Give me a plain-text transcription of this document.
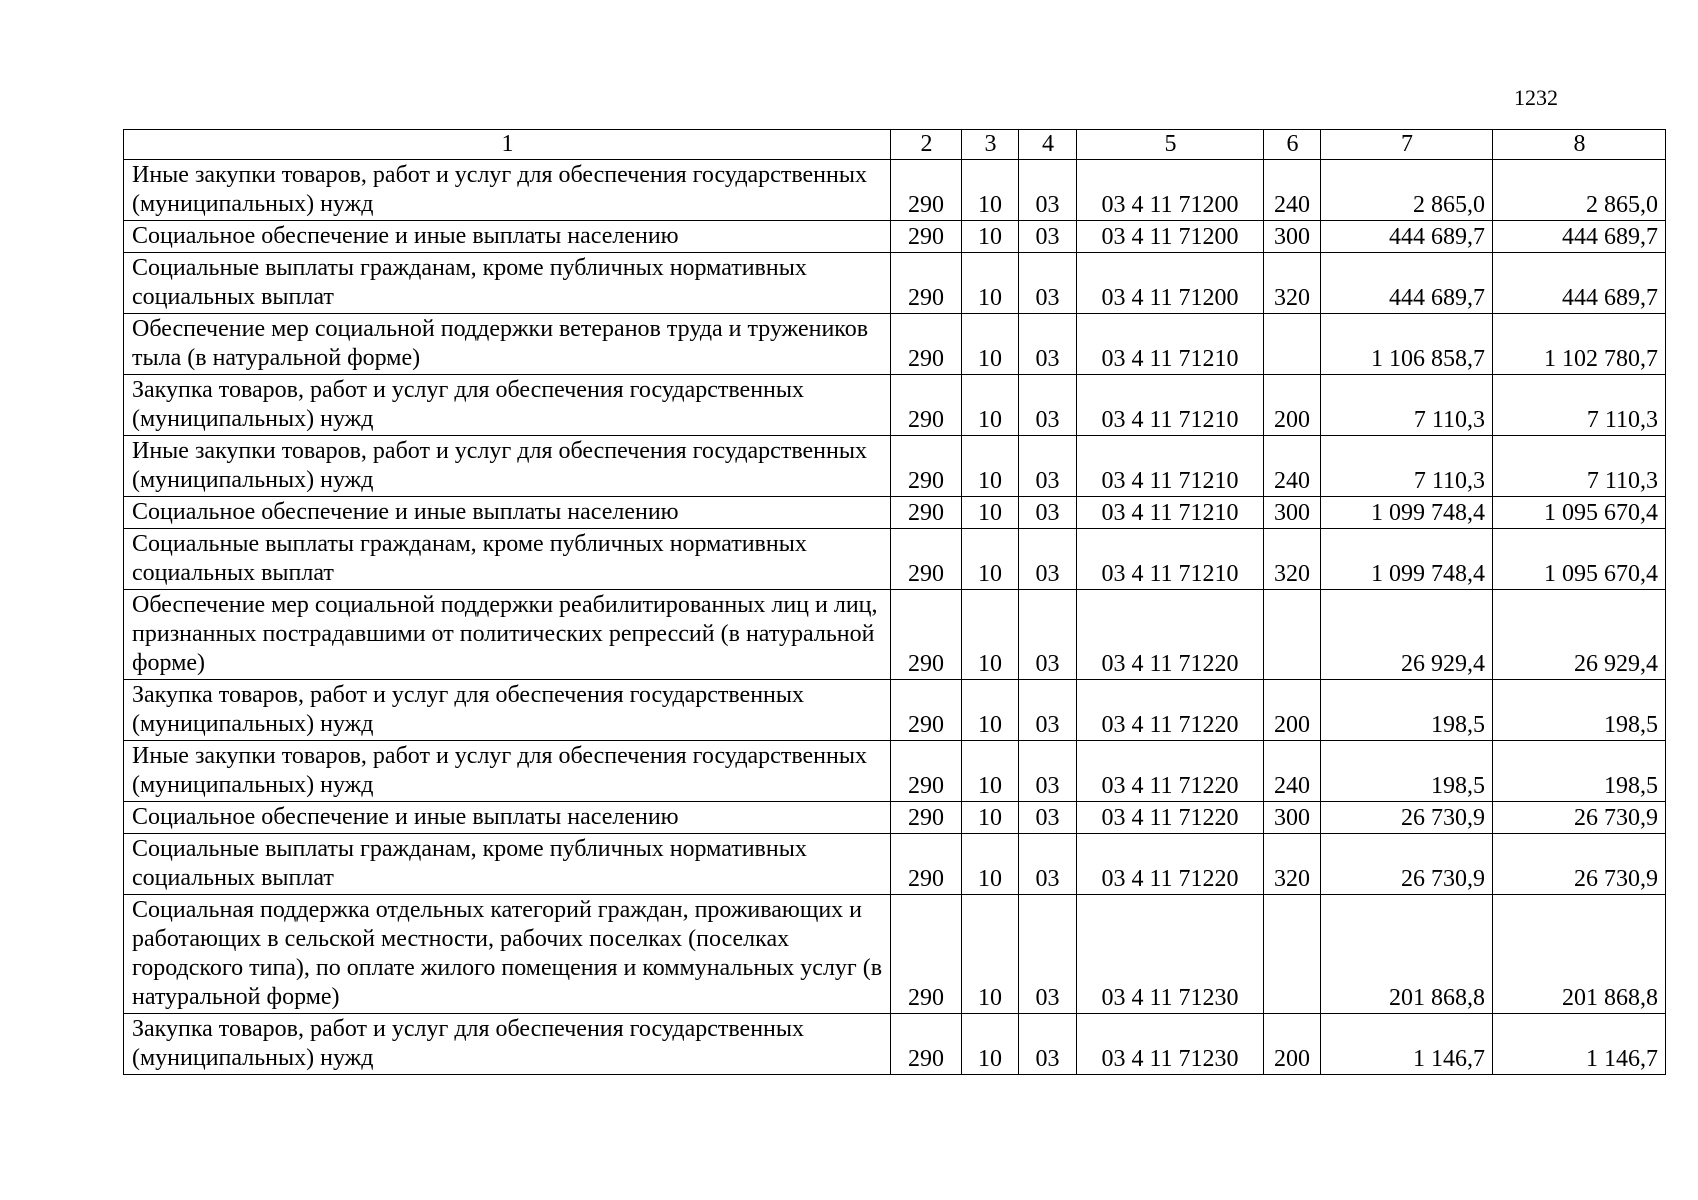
1232
1	2	3	4	5	6	7	8
Иные закупки товаров, работ и услуг для обеспечения государственных (муниципальных) нужд	290	10	03	03 4 11 71200	240	2 865,0	2 865,0
Социальное обеспечение и иные выплаты населению	290	10	03	03 4 11 71200	300	444 689,7	444 689,7
Социальные выплаты гражданам, кроме публичных нормативных социальных выплат	290	10	03	03 4 11 71200	320	444 689,7	444 689,7
Обеспечение мер социальной поддержки ветеранов труда и тружеников тыла (в натуральной форме)	290	10	03	03 4 11 71210		1 106 858,7	1 102 780,7
Закупка товаров, работ и услуг для обеспечения государственных (муниципальных) нужд	290	10	03	03 4 11 71210	200	7 110,3	7 110,3
Иные закупки товаров, работ и услуг для обеспечения государственных (муниципальных) нужд	290	10	03	03 4 11 71210	240	7 110,3	7 110,3
Социальное обеспечение и иные выплаты населению	290	10	03	03 4 11 71210	300	1 099 748,4	1 095 670,4
Социальные выплаты гражданам, кроме публичных нормативных социальных выплат	290	10	03	03 4 11 71210	320	1 099 748,4	1 095 670,4
Обеспечение мер социальной поддержки реабилитированных лиц и лиц, признанных пострадавшими от политических репрессий (в натуральной форме)	290	10	03	03 4 11 71220		26 929,4	26 929,4
Закупка товаров, работ и услуг для обеспечения государственных (муниципальных) нужд	290	10	03	03 4 11 71220	200	198,5	198,5
Иные закупки товаров, работ и услуг для обеспечения государственных (муниципальных) нужд	290	10	03	03 4 11 71220	240	198,5	198,5
Социальное обеспечение и иные выплаты населению	290	10	03	03 4 11 71220	300	26 730,9	26 730,9
Социальные выплаты гражданам, кроме публичных нормативных социальных выплат	290	10	03	03 4 11 71220	320	26 730,9	26 730,9
Социальная поддержка отдельных категорий граждан, проживающих и работающих в сельской местности, рабочих поселках (поселках городского типа), по оплате жилого помещения и коммунальных услуг (в натуральной форме)	290	10	03	03 4 11 71230		201 868,8	201 868,8
Закупка товаров, работ и услуг для обеспечения государственных (муниципальных) нужд	290	10	03	03 4 11 71230	200	1 146,7	1 146,7
